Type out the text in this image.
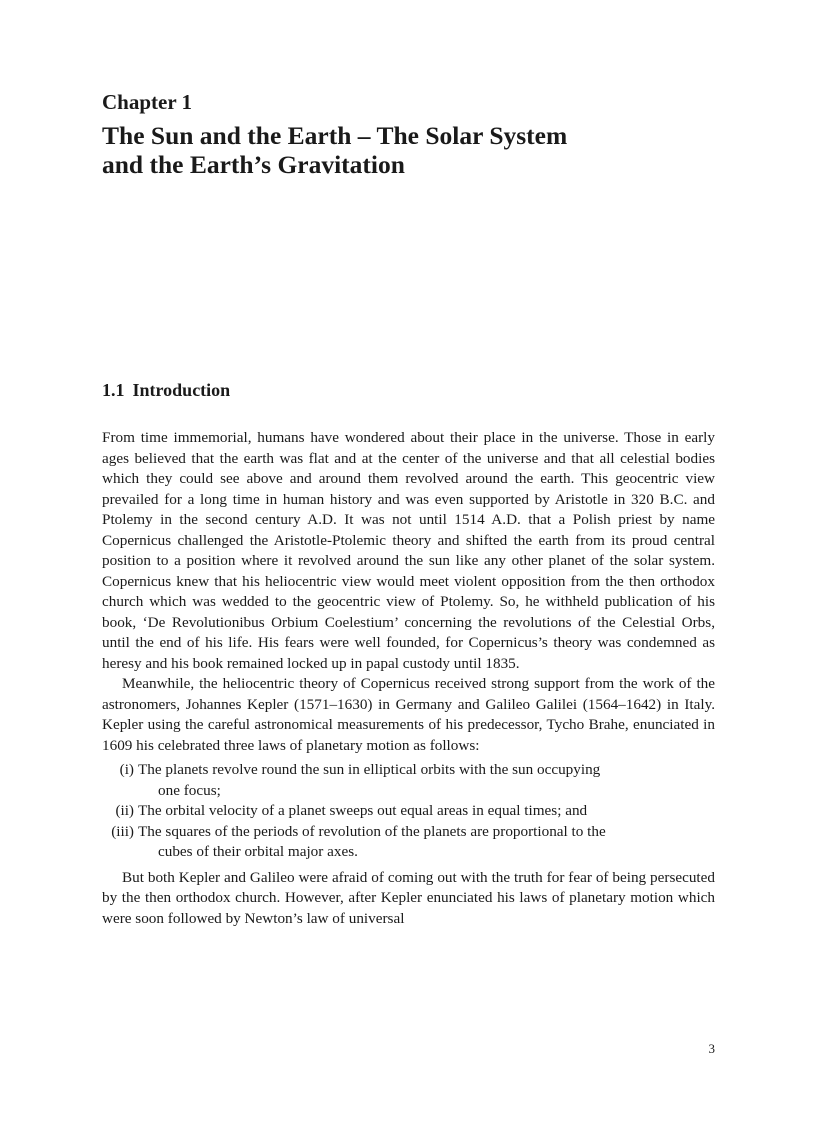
Chapter 1
The Sun and the Earth – The Solar System
and the Earth’s Gravitation
1.1 Introduction

From time immemorial, humans have wondered about their place in the universe. Those in early ages believed that the earth was flat and at the center of the universe and that all celestial bodies which they could see above and around them revolved around the earth. This geocentric view prevailed for a long time in human history and was even supported by Aristotle in 320 B.C. and Ptolemy in the second century A.D. It was not until 1514 A.D. that a Polish priest by name Copernicus challenged the Aristotle-Ptolemic theory and shifted the earth from its proud central position to a position where it revolved around the sun like any other planet of the solar system. Copernicus knew that his heliocentric view would meet violent opposition from the then orthodox church which was wedded to the geocentric view of Ptolemy. So, he withheld publication of his book, ‘De Revolutionibus Orbium Coelestium’ concerning the revolutions of the Celestial Orbs, until the end of his life. His fears were well founded, for Copernicus’s theory was condemned as heresy and his book remained locked up in papal custody until 1835.

Meanwhile, the heliocentric theory of Copernicus received strong support from the work of the astronomers, Johannes Kepler (1571–1630) in Germany and Galileo Galilei (1564–1642) in Italy. Kepler using the careful astronomical measurements of his predecessor, Tycho Brahe, enunciated in 1609 his celebrated three laws of planetary motion as follows:

(i) The planets revolve round the sun in elliptical orbits with the sun occupying
one focus;
(ii) The orbital velocity of a planet sweeps out equal areas in equal times; and
(iii) The squares of the periods of revolution of the planets are proportional to the
cubes of their orbital major axes.

But both Kepler and Galileo were afraid of coming out with the truth for fear of being persecuted by the then orthodox church. However, after Kepler enunciated his laws of planetary motion which were soon followed by Newton’s law of universal

3
